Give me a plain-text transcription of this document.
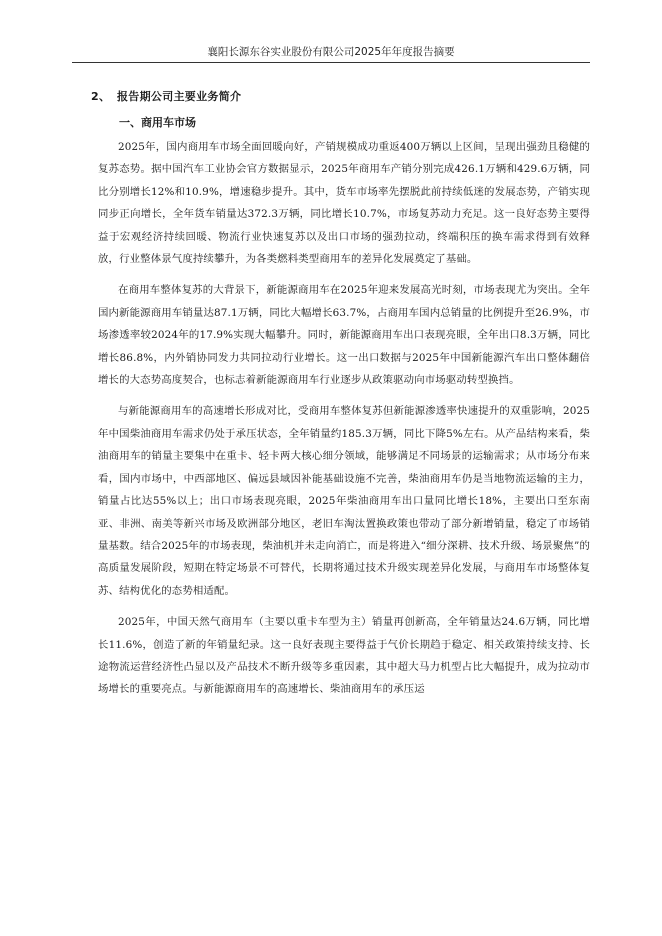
襄阳长源东谷实业股份有限公司2025年年度报告摘要
2、 报告期公司主要业务简介
一、商用车市场

2025年，国内商用车市场全面回暖向好，产销规模成功重返400万辆以上区间，呈现出强劲且稳健的复苏态势。据中国汽车工业协会官方数据显示，2025年商用车产销分别完成426.1万辆和429.6万辆，同比分别增长12%和10.9%，增速稳步提升。其中，货车市场率先摆脱此前持续低迷的发展态势，产销实现同步正向增长，全年货车销量达372.3万辆，同比增长10.7%，市场复苏动力充足。这一良好态势主要得益于宏观经济持续回暖、物流行业快速复苏以及出口市场的强劲拉动，终端积压的换车需求得到有效释放，行业整体景气度持续攀升，为各类燃料类型商用车的差异化发展奠定了基础。

在商用车整体复苏的大背景下，新能源商用车在2025年迎来发展高光时刻，市场表现尤为突出。全年国内新能源商用车销量达87.1万辆，同比大幅增长63.7%，占商用车国内总销量的比例提升至26.9%，市场渗透率较2024年的17.9%实现大幅攀升。同时，新能源商用车出口表现亮眼，全年出口8.3万辆，同比增长86.8%，内外销协同发力共同拉动行业增长。这一出口数据与2025年中国新能源汽车出口整体翻倍增长的大态势高度契合，也标志着新能源商用车行业逐步从政策驱动向市场驱动转型换挡。

与新能源商用车的高速增长形成对比，受商用车整体复苏但新能源渗透率快速提升的双重影响，2025年中国柴油商用车需求仍处于承压状态，全年销量约185.3万辆，同比下降5%左右。从产品结构来看，柴油商用车的销量主要集中在重卡、轻卡两大核心细分领域，能够满足不同场景的运输需求；从市场分布来看，国内市场中，中西部地区、偏远县域因补能基础设施不完善，柴油商用车仍是当地物流运输的主力，销量占比达55%以上；出口市场表现亮眼，2025年柴油商用车出口量同比增长18%，主要出口至东南亚、非洲、南美等新兴市场及欧洲部分地区，老旧车淘汰置换政策也带动了部分新增销量，稳定了市场销量基数。结合2025年的市场表现，柴油机并未走向消亡，而是将进入“细分深耕、技术升级、场景聚焦”的高质量发展阶段，短期在特定场景不可替代，长期将通过技术升级实现差异化发展，与商用车市场整体复苏、结构优化的态势相适配。

2025年，中国天然气商用车（主要以重卡车型为主）销量再创新高，全年销量达24.6万辆，同比增长11.6%，创造了新的年销量纪录。这一良好表现主要得益于气价长期趋于稳定、相关政策持续支持、长途物流运营经济性凸显以及产品技术不断升级等多重因素，其中超大马力机型占比大幅提升，成为拉动市场增长的重要亮点。与新能源商用车的高速增长、柴油商用车的承压运
